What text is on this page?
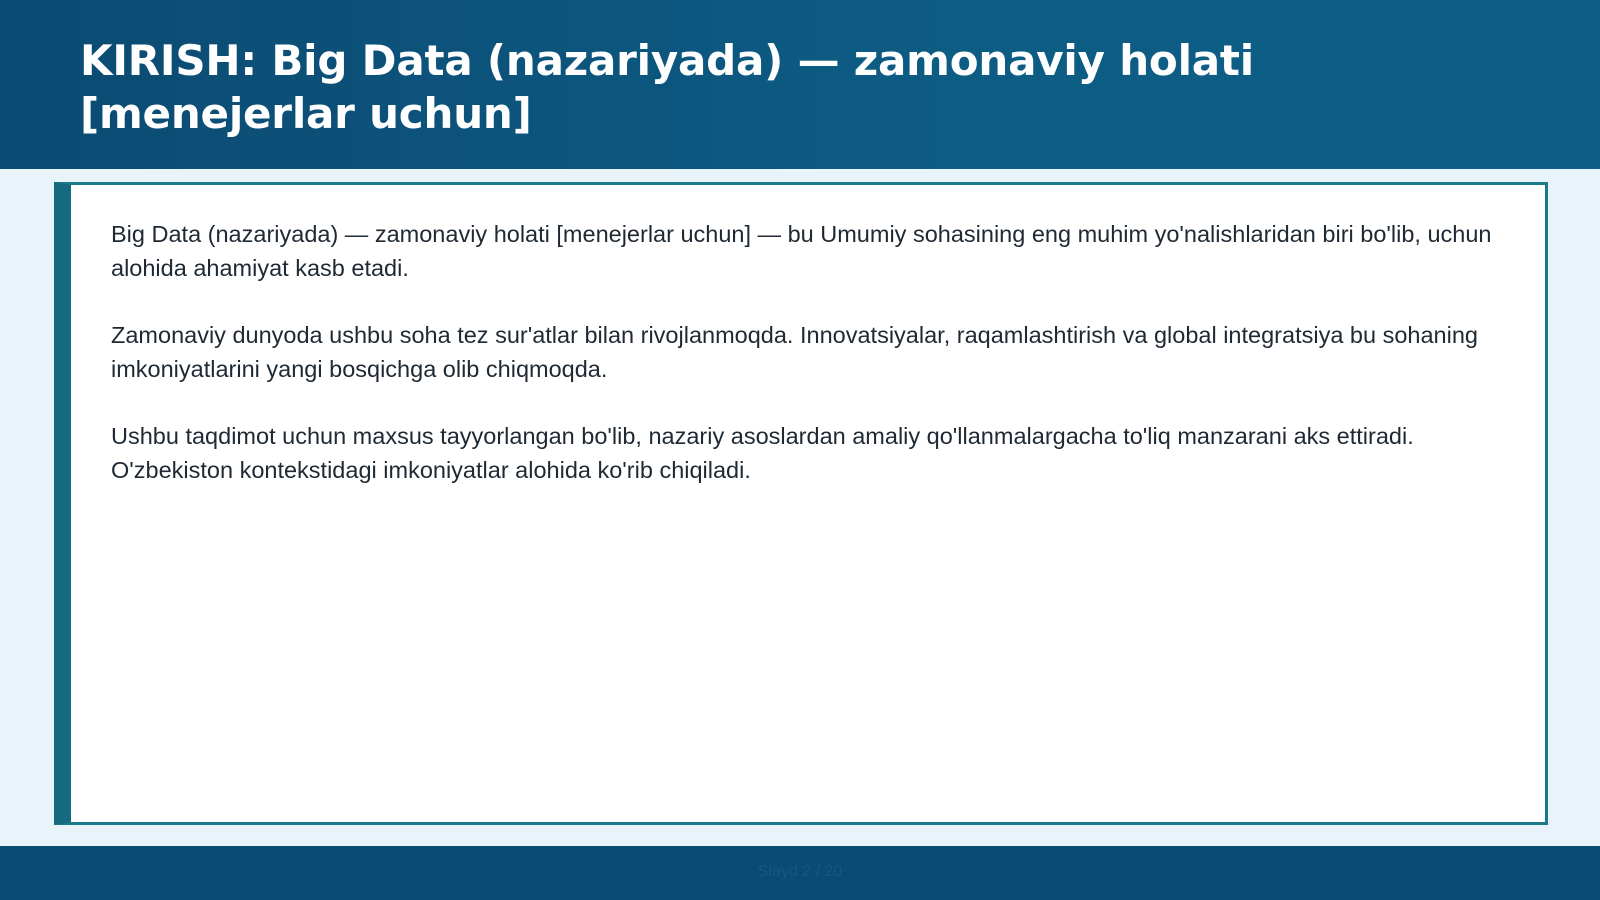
KIRISH: Big Data (nazariyada) — zamonaviy holati [menejerlar uchun]

Big Data (nazariyada) — zamonaviy holati [menejerlar uchun] — bu Umumiy sohasining eng muhim yo'nalishlaridan biri bo'lib, uchun alohida ahamiyat kasb etadi.

Zamonaviy dunyoda ushbu soha tez sur'atlar bilan rivojlanmoqda. Innovatsiyalar, raqamlashtirish va global integratsiya bu sohaning imkoniyatlarini yangi bosqichga olib chiqmoqda.

Ushbu taqdimot uchun maxsus tayyorlangan bo'lib, nazariy asoslardan amaliy qo'llanmalargacha to'liq manzarani aks ettiradi. O'zbekiston kontekstidagi imkoniyatlar alohida ko'rib chiqiladi.

Slayd 2 / 20
